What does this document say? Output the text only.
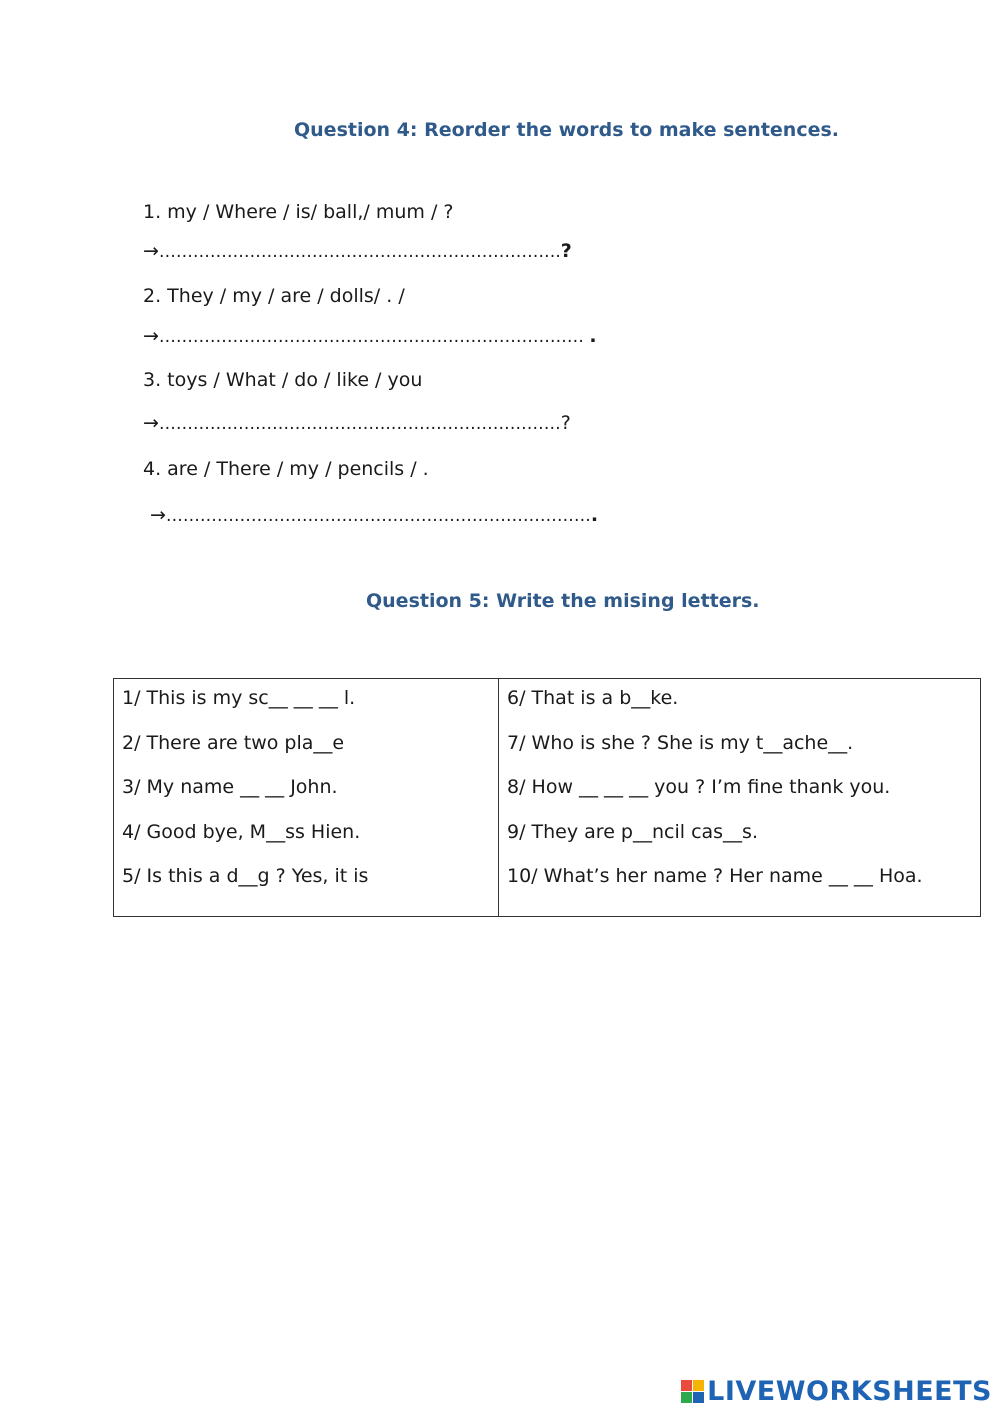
Question 4: Reorder the words to make sentences.
1. my / Where / is/ ball,/ mum / ?
→……………………………………………….…………….?
2. They / my / are / dolls/ . /
→………………………………………………………………… .
3. toys / What / do / like / you
→………….……………………….…………………………?
4. are / There / my / pencils / .
→………………………………………………………………….
Question 5: Write the mising letters.
1/ This is my sc__ __ __ l.
2/ There are two pla__e
3/ My name __ __ John.
4/ Good bye, M__ss Hien.
5/ Is this a d__g ? Yes, it is

6/ That is a b__ke.
7/ Who is she ? She is my t__ache__.
8/ How __ __ __ you ? I’m fine thank you.
9/ They are p__ncil cas__s.
10/ What’s her name ? Her name __ __ Hoa.
LIVEWORKSHEETS
